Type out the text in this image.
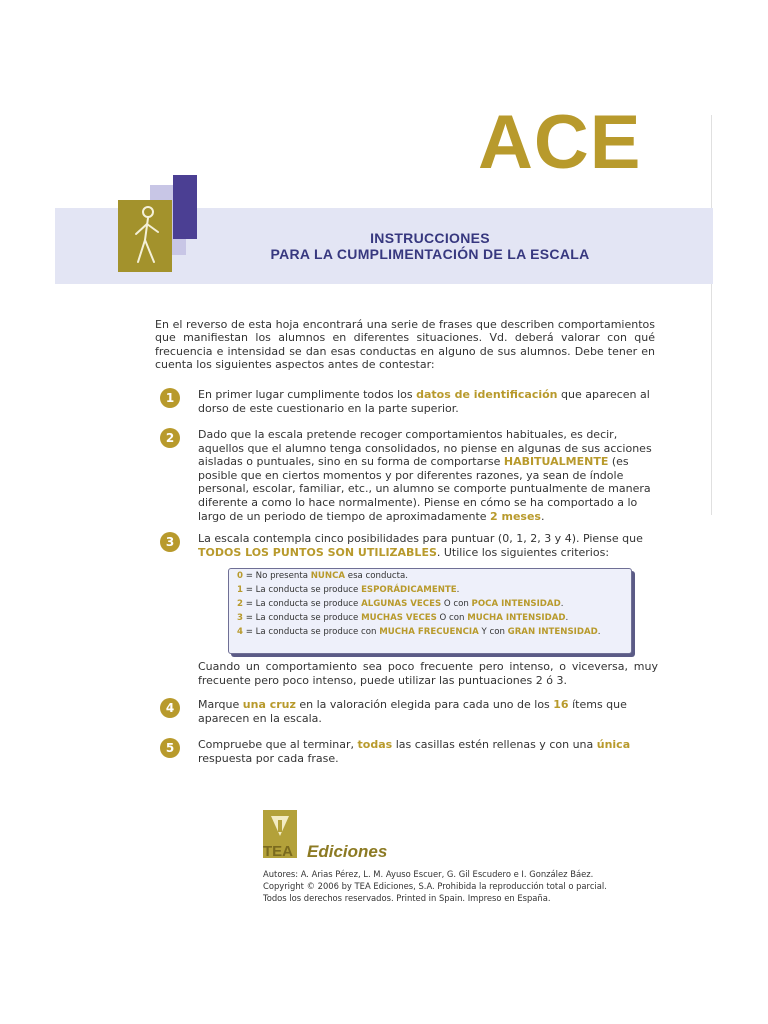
ACE
INSTRUCCIONES
PARA LA CUMPLIMENTACIÓN DE LA ESCALA
En el reverso de esta hoja encontrará una serie de frases que describen comportamientos que manifiestan los alumnos en diferentes situaciones. Vd. deberá valorar con qué frecuencia e intensidad se dan esas conductas en alguno de sus alumnos. Debe tener en cuenta los siguientes aspectos antes de contestar:
1	En primer lugar cumplimente todos los datos de identificación que aparecen al dorso de este cuestionario en la parte superior.
2	Dado que la escala pretende recoger comportamientos habituales, es decir, aquellos que el alumno tenga consolidados, no piense en algunas de sus acciones aisladas o puntuales, sino en su forma de comportarse HABITUALMENTE (es posible que en ciertos momentos y por diferentes razones, ya sean de índole personal, escolar, familiar, etc., un alumno se comporte puntualmente de manera diferente a como lo hace normalmente). Piense en cómo se ha comportado a lo largo de un periodo de tiempo de aproximadamente 2 meses.
3	La escala contempla cinco posibilidades para puntuar (0, 1, 2, 3 y 4). Piense que TODOS LOS PUNTOS SON UTILIZABLES. Utilice los siguientes criterios:
0 = No presenta NUNCA esa conducta.
1 = La conducta se produce ESPORÁDICAMENTE.
2 = La conducta se produce ALGUNAS VECES O con POCA INTENSIDAD.
3 = La conducta se produce MUCHAS VECES O con MUCHA INTENSIDAD.
4 = La conducta se produce con MUCHA FRECUENCIA Y con GRAN INTENSIDAD.
Cuando un comportamiento sea poco frecuente pero intenso, o viceversa, muy frecuente pero poco intenso, puede utilizar las puntuaciones 2 ó 3.
4	Marque una cruz en la valoración elegida para cada uno de los 16 ítems que aparecen en la escala.
5	Compruebe que al terminar, todas las casillas estén rellenas y con una única respuesta por cada frase.
TEA Ediciones
Autores: A. Arias Pérez, L. M. Ayuso Escuer, G. Gil Escudero e I. González Báez. Copyright © 2006 by TEA Ediciones, S.A. Prohibida la reproducción total o parcial. Todos los derechos reservados. Printed in Spain. Impreso en España.
